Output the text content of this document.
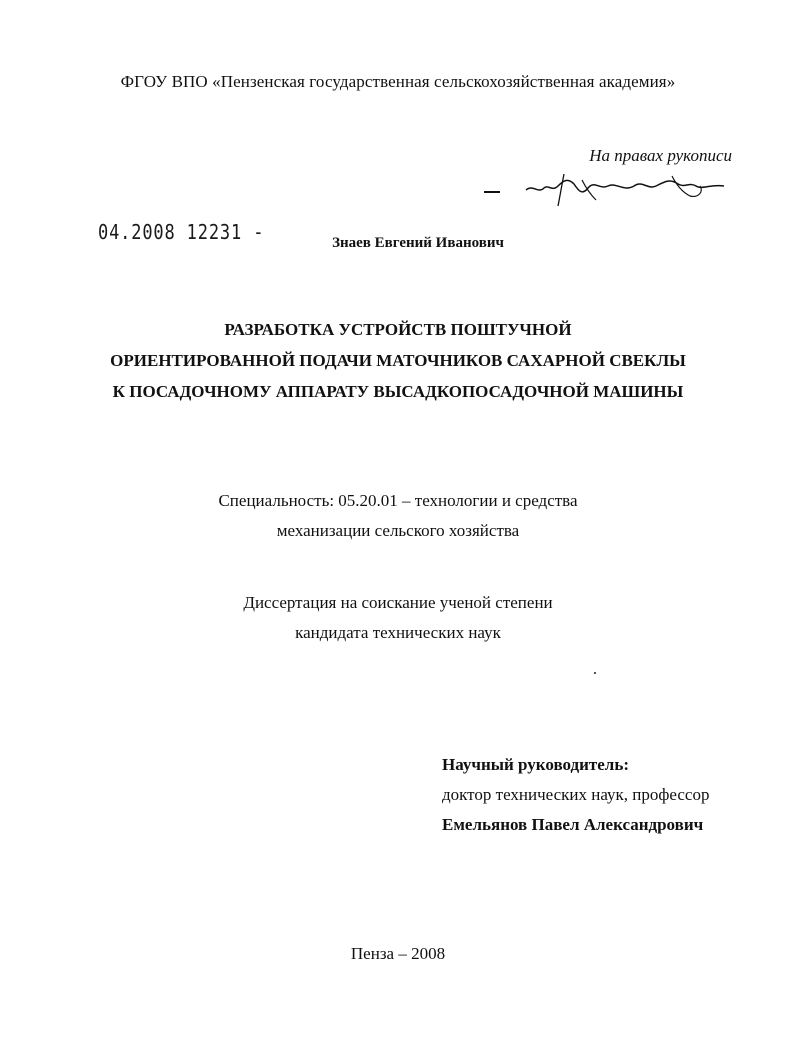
ФГОУ ВПО «Пензенская государственная сельскохозяйственная академия»
На правах рукописи
04.2008 12231 -	Знаев Евгений Иванович
РАЗРАБОТКА УСТРОЙСТВ ПОШТУЧНОЙ
ОРИЕНТИРОВАННОЙ ПОДАЧИ МАТОЧНИКОВ САХАРНОЙ СВЕКЛЫ
К ПОСАДОЧНОМУ АППАРАТУ ВЫСАДКОПОСАДОЧНОЙ МАШИНЫ
Специальность: 05.20.01 – технологии и средства
механизации сельского хозяйства
Диссертация на соискание ученой степени
кандидата технических наук
Научный руководитель:
доктор технических наук, профессор
Емельянов Павел Александрович
Пенза – 2008
